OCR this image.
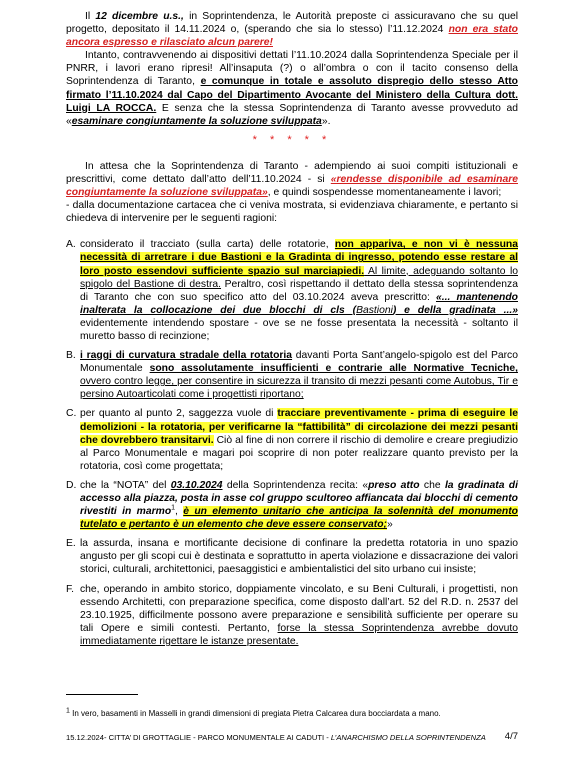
Il 12 dicembre u.s., in Soprintendenza, le Autorità preposte ci assicuravano che su quel progetto, depositato il 14.11.2024 o, (sperando che sia lo stesso) l’11.12.2024 non era stato ancora espresso e rilasciato alcun parere!

Intanto, contravvenendo ai dispositivi dettati l’11.10.2024 dalla Soprintendenza Speciale per il PNRR, i lavori erano ripresi! All’insaputa (?) o all’ombra o con il tacito consenso della Soprintendenza di Taranto, e comunque in totale e assoluto dispregio dello stesso Atto firmato l’11.10.2024 dal Capo del Dipartimento Avocante del Ministero della Cultura dott. Luigi LA ROCCA. E senza che la stessa Soprintendenza di Taranto avesse provveduto ad «esaminare congiuntamente la soluzione sviluppata».

* * * * *

In attesa che la Soprintendenza di Taranto - adempiendo ai suoi compiti istituzionali e prescrittivi, come dettato dall’atto dell’11.10.2024 - si «rendesse disponibile ad esaminare congiuntamente la soluzione sviluppata», e quindi sospendesse momentaneamente i lavori;

- dalla documentazione cartacea che ci veniva mostrata, si evidenziava chiaramente, e pertanto si chiedeva di intervenire per le seguenti ragioni:

A. considerato il tracciato (sulla carta) delle rotatorie, non appariva, e non vi è nessuna necessità di arretrare i due Bastioni e la Gradinta di ingresso, potendo esse restare al loro posto essendovi sufficiente spazio sul marciapiedi. Al limite, adeguando soltanto lo spigolo del Bastione di destra. Peraltro, così rispettando il dettato della stessa soprintendenza di Taranto che con suo specifico atto del 03.10.2024 aveva prescritto: «... mantenendo inalterata la collocazione dei due blocchi di cls (Bastioni) e della gradinata ...» evidentemente intendendo spostare - ove se ne fosse presentata la necessità - soltanto il muretto basso di recinzione;

B. i raggi di curvatura stradale della rotatoria davanti Porta Sant’angelo-spigolo est del Parco Monumentale sono assolutamente insufficienti e contrarie alle Normative Tecniche, ovvero contro legge, per consentire in sicurezza il transito di mezzi pesanti come Autobus, Tir e persino Autoarticolati come i progettisti riportano;

C. per quanto al punto 2, saggezza vuole di tracciare preventivamente - prima di eseguire le demolizioni - la rotatoria, per verificarne la “fattibilità” di circolazione dei mezzi pesanti che dovrebbero transitarvi. Ciò al fine di non correre il rischio di demolire e creare pregiudizio al Parco Monumentale e magari poi scoprire di non poter realizzare quanto previsto per la rotatoria, così come progettata;

D. che la “NOTA” del 03.10.2024 della Soprintendenza recita: «preso atto che la gradinata di accesso alla piazza, posta in asse col gruppo scultoreo affiancata dai blocchi di cemento rivestiti in marmo$^1$, è un elemento unitario che anticipa la solennità del monumento tutelato e pertanto è un elemento che deve essere conservato;»

E. la assurda, insana e mortificante decisione di confinare la predetta rotatoria in uno spazio angusto per gli scopi cui è destinata e soprattutto in aperta violazione e dissacrazione dei valori storici, culturali, architettonici, paesaggistici e ambientalistici del sito urbano cui insiste;

F. che, operando in ambito storico, doppiamente vincolato, e su Beni Culturali, i progettisti, non essendo Architetti, con preparazione specifica, come disposto dall’art. 52 del R.D. n. 2537 del 23.10.1925, difficilmente possono avere preparazione e sensibilità sufficiente per operare su tali Opere e simili contesti. Pertanto, forse la stessa Soprintendenza avrebbe dovuto immediatamente rigettare le istanze presentate.

$^1$ In vero, basamenti in Masselli in grandi dimensioni di pregiata Pietra Calcarea dura bocciardata a mano.
15.12.2024- CITTA’ DI GROTTAGLIE - PARCO MONUMENTALE AI CADUTI - L’ANARCHISMO DELLA SOPRINTENDENZA 4/7
